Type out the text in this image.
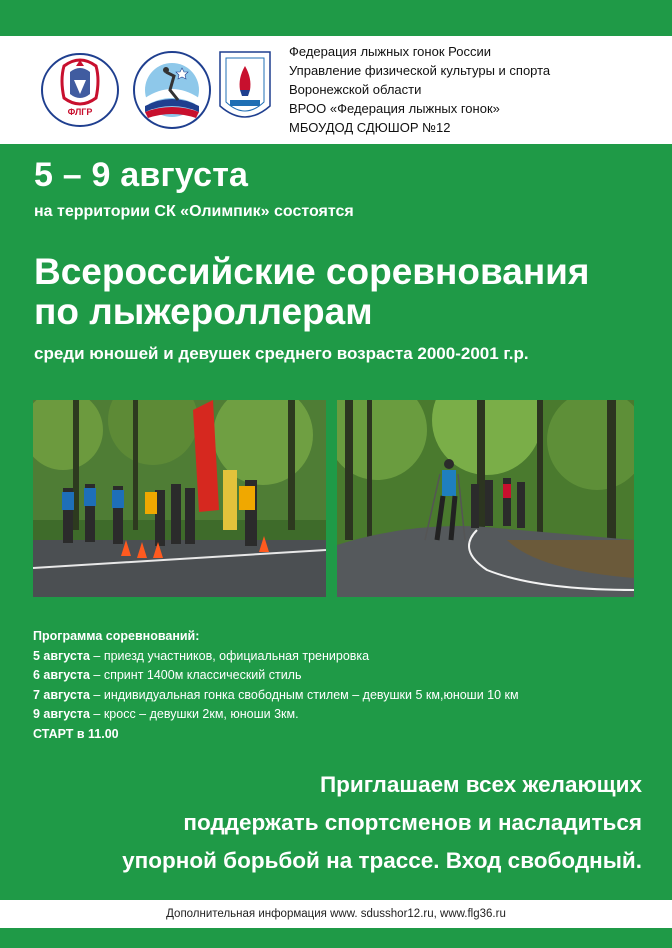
ФЛГР
Федерация лыжных гонок России
Управление физической культуры и спорта
Воронежской области
ВРОО «Федерация лыжных гонок»
МБОУДОД СДЮШОР №12
5 – 9 августа
на территории СК «Олимпик» состоятся
Всероссийские соревнования
по лыжероллерам
среди юношей и девушек среднего возраста 2000-2001 г.р.
Программа соревнований:
5 августа – приезд участников, официальная тренировка
6 августа – спринт 1400м классический стиль
7 августа – индивидуальная гонка свободным стилем – девушки 5 км,юноши 10 км
9 августа – кросс – девушки 2км, юноши 3км.
СТАРТ в 11.00
Приглашаем всех желающих
поддержать спортсменов и насладиться
упорной борьбой на трассе. Вход свободный.
Дополнительная информация www. sdusshor12.ru, www.flg36.ru
